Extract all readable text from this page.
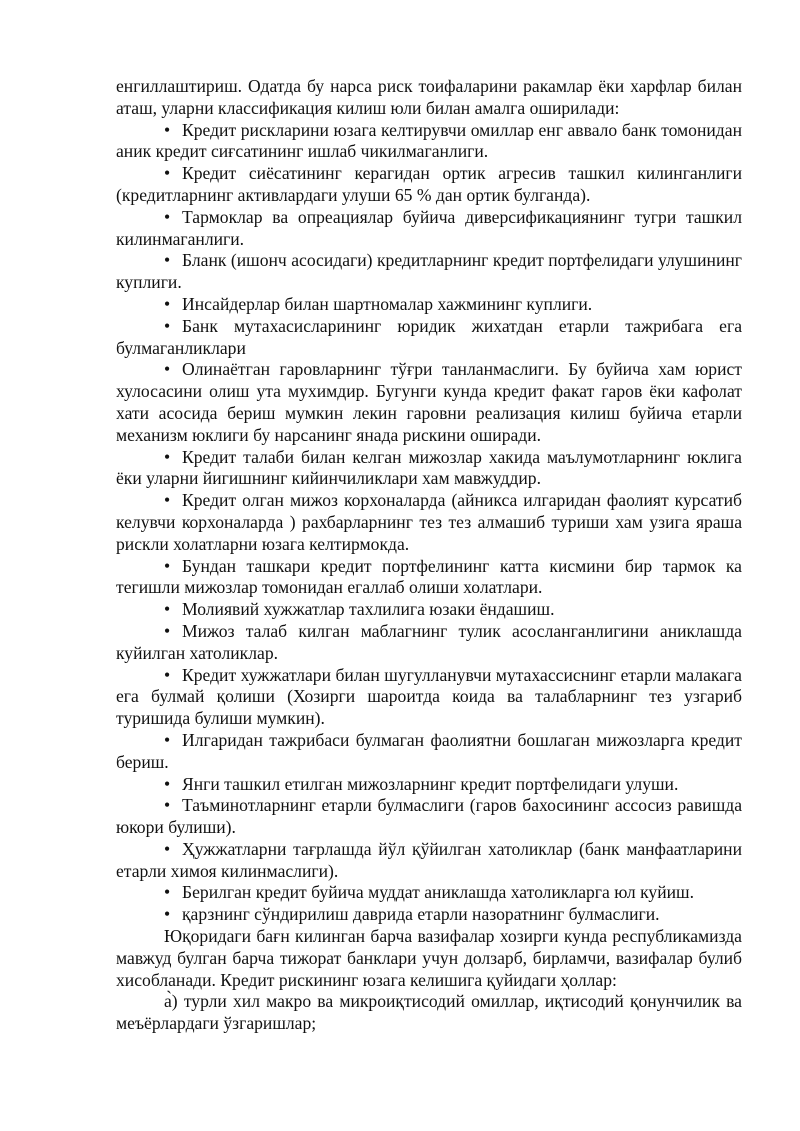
енгиллаштириш. Одатда бу нарса риск тоифаларини ракамлар ёки харфлар билан аташ, уларни классификация килиш юли билан амалга оширилади:

• Кредит рискларини юзага келтирувчи омиллар енг аввало банк томонидан аник кредит сиғсатининг ишлаб чикилмаганлиги.

• Кредит сиёсатининг керагидан ортик агресив ташкил килинганлиги (кредитларнинг активлардаги улуши 65 % дан ортик булганда).

• Тармоклар ва опреациялар буйича диверсификациянинг тугри ташкил килинмаганлиги.

• Бланк (ишонч асосидаги) кредитларнинг кредит портфелидаги улушининг куплиги.

• Инсайдерлар билан шартномалар хажмининг куплиги.

• Банк мутахасисларининг юридик жихатдан етарли тажрибага ега булмаганликлари

• Олинаётган гаровларнинг тўғри танланмаслиги. Бу буйича хам юрист хулосасини олиш ута мухимдир. Бугунги кунда кредит факат гаров ёки кафолат хати асосида бериш мумкин лекин гаровни реализация килиш буйича етарли механизм юклиги бу нарсанинг янада рискини оширади.

• Кредит талаби билан келган мижозлар хакида маълумотларнинг юклига ёки уларни йигишнинг кийинчиликлари хам мавжуддир.

• Кредит олган мижоз корхоналарда (айникса илгаридан фаолият курсатиб келувчи корхоналарда ) рахбарларнинг тез тез алмашиб туриши хам узига яраша рискли холатларни юзага келтирмокда.

• Бундан ташкари кредит портфелининг катта кисмини бир тармок ка тегишли мижозлар томонидан егаллаб олиши холатлари.

• Молиявий хужжатлар тахлилига юзаки ёндашиш.

• Мижоз талаб килган маблагнинг тулик асосланганлигини аниклашда куйилган хатоликлар.

• Кредит хужжатлари билан шугулланувчи мутахассиснинг етарли малакага ега булмай қолиши (Хозирги шароитда коида ва талабларнинг тез узгариб туришида булиши мумкин).

• Илгаридан тажрибаси булмаган фаолиятни бошлаган мижозларга кредит бериш.

• Янги ташкил етилган мижозларнинг кредит портфелидаги улуши.

• Таъминотларнинг етарли булмаслиги (гаров бахосининг ассосиз равишда юкори булиши).

• Ҳужжатларни тағрлашда йўл қўйилган хатоликлар (банк манфаатларини етарли химоя килинмаслиги).

• Берилган кредит буйича муддат аниклашда хатоликларга юл куйиш.

• қарзнинг сўндирилиш даврида етарли назоратнинг булмаслиги.

Юқоридаги бағн килинган барча вазифалар хозирги кунда республикамизда мавжуд булган барча тижорат банклари учун долзарб, бирламчи, вазифалар булиб хисобланади. Кредит рискининг юзага келишига қуйидаги ҳоллар:

а̀) турли хил макро ва микроиқтисодий омиллар, иқтисодий қонунчилик ва меъёрлардаги ўзгаришлар;
